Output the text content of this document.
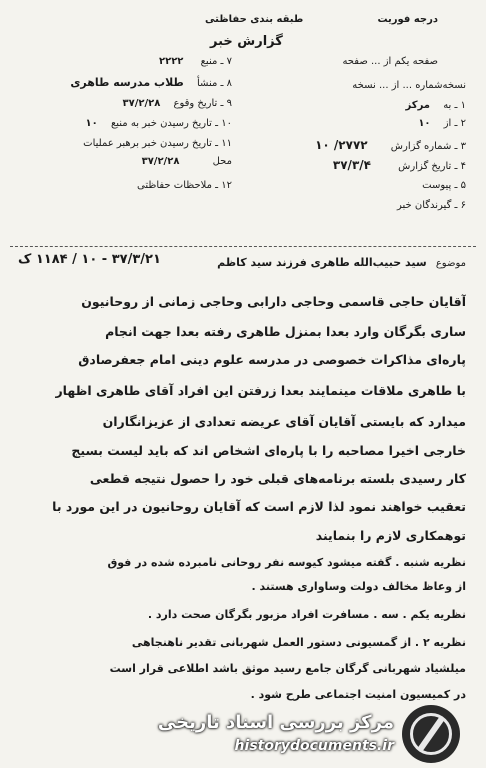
درجه فوریت
طبقه بندی حفاظتی
گزارش خبر
صفحه یکم از ... صفحه
نسخه‌شماره ... از ... نسخه
۱ ـ به مرکز
۲ ـ از ۱۰
۳ ـ شماره گزارش ۲۷۷۲/ ۱۰
۴ ـ تاریخ گزارش ۳۷/۳/۴
۵ ـ پیوست
۶ ـ گیرندگان خبر
۷ ـ منبع ۲۲۲۲
۸ ـ منشأ طلاب مدرسه طاهری
۹ ـ تاریخ وقوع ۳۷/۲/۲۸
۱۰ ـ تاریخ رسیدن خبر به منبع ۱۰
۱۱ ـ تاریخ رسیدن خبر برهبر عملیات
محل ۳۷/۲/۲۸
۱۲ ـ ملاحظات حفاظتی
موضوع سید حبیب‌الله طاهری فرزند سید کاظم
۳۷/۳/۲۱ - ۱۰ / ۱۱۸۴ ک
آقایان حاجی قاسمی وحاجی دارابی وحاجی زمانی از روحانیون
ساری بگرگان وارد بعدا بمنزل طاهری رفته بعدا جهت انجام
پاره‌ای مذاکرات خصوصی در مدرسه علوم دینی امام جعفرصادق
با طاهری ملاقات مینمایند بعدا زرفتن این افراد آقای طاهری اظهار
میدارد که بایستی آقایان آقای عریضه تعدادی از عزیزانگاران
خارجی اخیرا مصاحبه را با پاره‌ای اشخاص اند که باید لیست بسیج
کار رسیدی بلسته برنامه‌های قبلی خود را حصول نتیجه قطعی
تعقیب خواهند نمود لذا لازم است که آقایان روحانیون در این مورد با
توهمکاری لازم را بنمایند
نظریه شنبه . گفته میشود کیوسه نفر روحانی نامبرده شده در فوق
از وعاظ مخالف دولت وساواری هستند .
نظریه یکم . سه . مسافرت افراد مزبور بگرگان صحت دارد .
نظریه ۲ . از گمسیونی دستور العمل شهربانی تقدیر ناهنجاهی
میلشیاد شهربانی گرگان جامع رسید موثق باشد اطلاعی قرار است
در کمیسیون امنیت اجتماعی طرح شود .
مرکز بررسی اسناد تاریخی
historydocuments.ir
